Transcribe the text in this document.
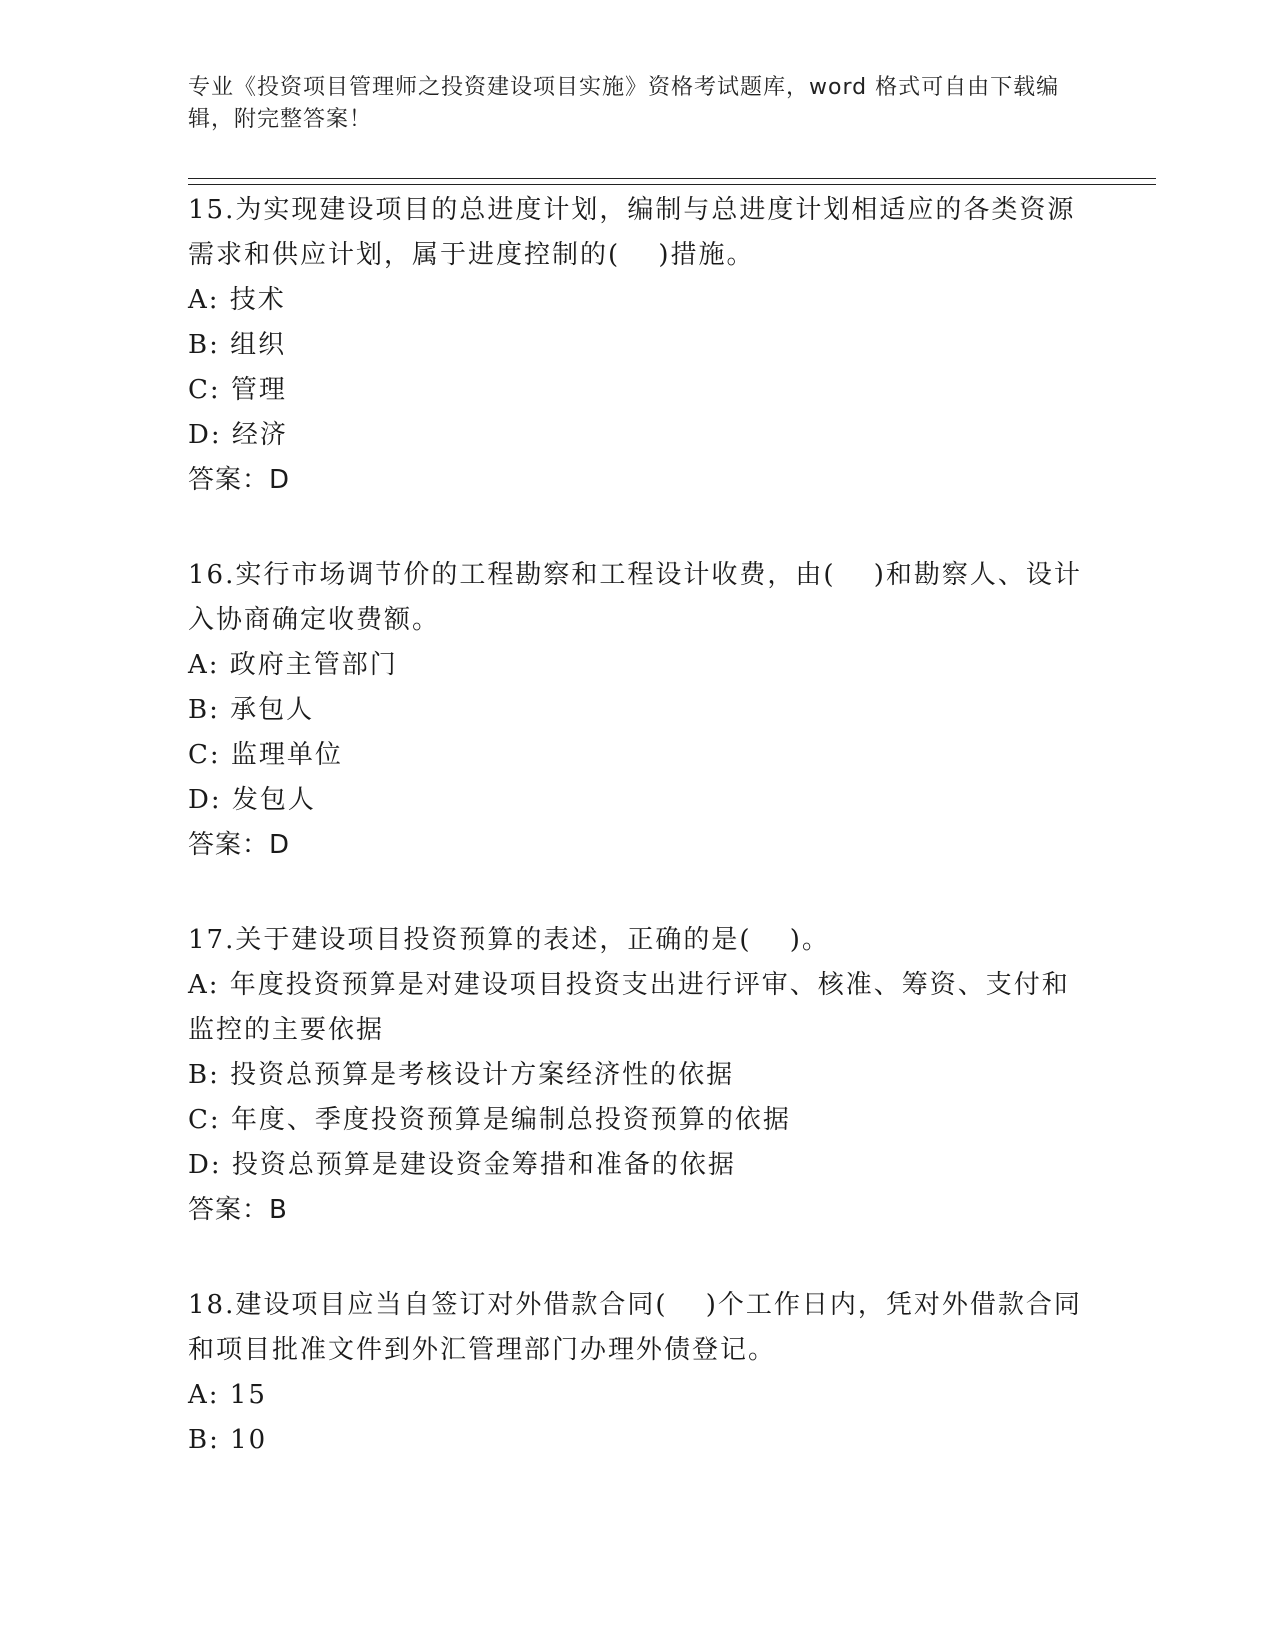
专业《投资项目管理师之投资建设项目实施》资格考试题库，word 格式可自由下载编辑，附完整答案！

15.为实现建设项目的总进度计划，编制与总进度计划相适应的各类资源需求和供应计划，属于进度控制的(　 )措施。

A: 技术

B: 组织

C: 管理

D: 经济

答案：D

16.实行市场调节价的工程勘察和工程设计收费，由(　 )和勘察人、设计入协商确定收费额。

A: 政府主管部门

B: 承包人

C: 监理单位

D: 发包人

答案：D

17.关于建设项目投资预算的表述，正确的是(　 )。

A: 年度投资预算是对建设项目投资支出进行评审、核准、筹资、支付和监控的主要依据

B: 投资总预算是考核设计方案经济性的依据

C: 年度、季度投资预算是编制总投资预算的依据

D: 投资总预算是建设资金筹措和准备的依据

答案：B

18.建设项目应当自签订对外借款合同(　 )个工作日内，凭对外借款合同和项目批准文件到外汇管理部门办理外债登记。

A: 15

B: 10
